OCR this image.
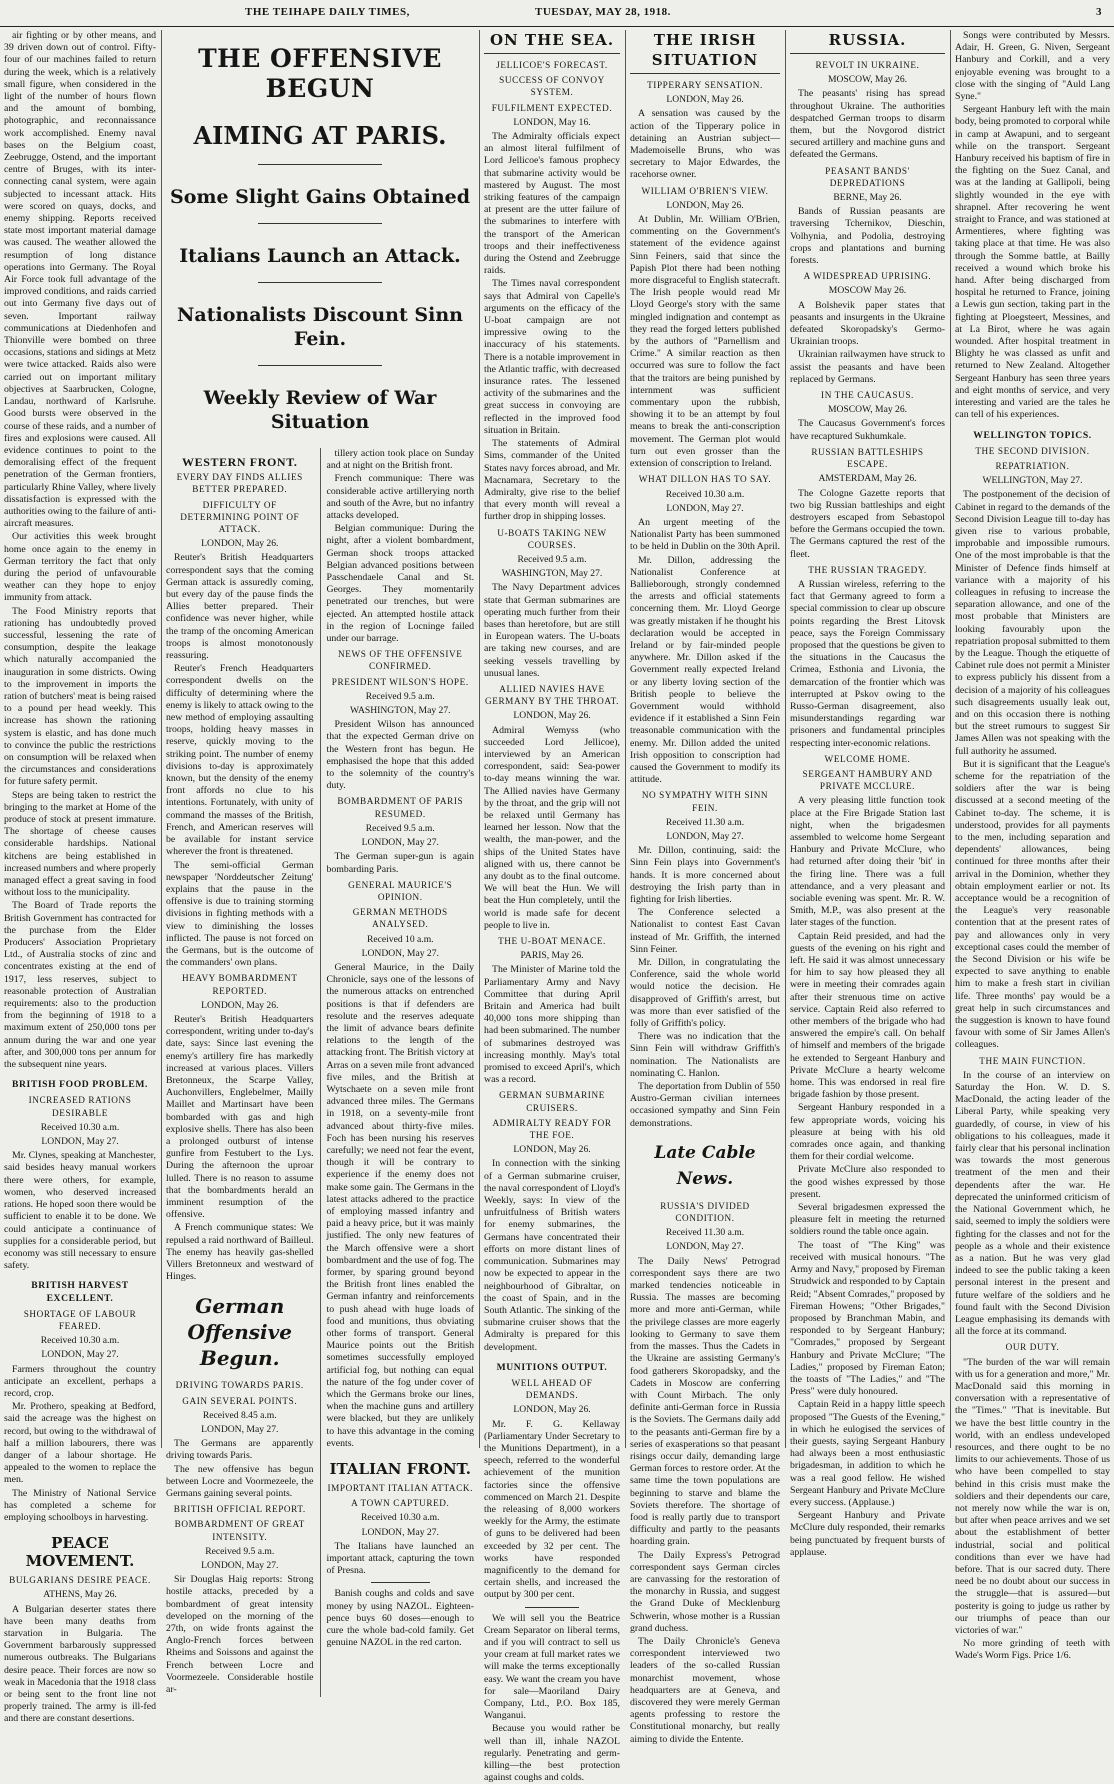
THE TEIHAPE DAILY TIMES,	TUESDAY, MAY 28, 1918.	3

air fighting or by other means, and 39 driven down out of control. Fifty-four of our machines failed to return during the week, which is a relatively small figure, when considered in the light of the number of hours flown and the amount of bombing, photographic, and reconnaissance work accomplished. Enemy naval bases on the Belgium coast, Zeebrugge, Ostend, and the important centre of Bruges, with its inter-connecting canal system, were again subjected to incessant attack. Hits were scored on quays, docks, and enemy shipping. Reports received state most important material damage was caused. The weather allowed the resumption of long distance operations into Germany. The Royal Air Force took full advantage of the improved conditions, and raids carried out into Germany five days out of seven. Important railway communications at Diedenhofen and Thionville were bombed on three occasions, stations and sidings at Metz were twice attacked. Raids also were carried out on important military objectives at Saarbrucken, Cologne, Landau, northward of Karlsruhe. Good bursts were observed in the course of these raids, and a number of fires and explosions were caused. All evidence continues to point to the demoralising effect of the frequent penetration of the German frontiers, particularly Rhine Valley, where lively dissatisfaction is expressed with the authorities owing to the failure of anti-aircraft measures.

Our activities this week brought home once again to the enemy in German territory the fact that only during the period of unfavourable weather can they hope to enjoy immunity from attack.

The Food Ministry reports that rationing has undoubtedly proved successful, lessening the rate of consumption, despite the leakage which naturally accompanied the inauguration in some districts. Owing to the improvement in imports the ration of butchers' meat is being raised to a pound per head weekly. This increase has shown the rationing system is elastic, and has done much to convince the public the restrictions on consumption will be relaxed when the circumstances and considerations for future safety permit.

Steps are being taken to restrict the bringing to the market at Home of the produce of stock at present immature. The shortage of cheese causes considerable hardships. National kitchens are being established in increased numbers and where properly managed effect a great saving in food without loss to the municipality.

The Board of Trade reports the British Government has contracted for the purchase from the Elder Producers' Association Proprietary Ltd., of Australia stocks of zinc and concentrates existing at the end of 1917, less reserves, subject to reasonable protection of Australian requirements: also to the production from the beginning of 1918 to a maximum extent of 250,000 tons per annum during the war and one year after, and 300,000 tons per annum for the subsequent nine years.

BRITISH FOOD PROBLEM.
INCREASED RATIONS DESIRABLE
Received 10.30 a.m.
LONDON, May 27.

Mr. Clynes, speaking at Manchester, said besides heavy manual workers there were others, for example, women, who deserved increased rations. He hoped soon there would be sufficient to enable it to be done. We could anticipate a continuance of supplies for a considerable period, but economy was still necessary to ensure safety.

BRITISH HARVEST EXCELLENT.
SHORTAGE OF LABOUR FEARED.
Received 10.30 a.m.
LONDON, May 27.

Farmers throughout the country anticipate an excellent, perhaps a record, crop.

Mr. Prothero, speaking at Bedford, said the acreage was the highest on record, but owing to the withdrawal of half a million labourers, there was danger of a labour shortage. He appealed to the women to replace the men.

The Ministry of National Service has completed a scheme for employing schoolboys in harvesting.

PEACE MOVEMENT.
BULGARIANS DESIRE PEACE.
ATHENS, May 26.

A Bulgarian deserter states there have been many deaths from starvation in Bulgaria. The Government barbarously suppressed numerous outbreaks. The Bulgarians desire peace. Their forces are now so weak in Macedonia that the 1918 class or being sent to the front line not properly trained. The army is ill-fed and there are constant desertions.

THE OFFENSIVE BEGUN
AIMING AT PARIS.
Some Slight Gains Obtained
Italians Launch an Attack.
Nationalists Discount Sinn Fein.
Weekly Review of War Situation
WESTERN FRONT.
EVERY DAY FINDS ALLIES BETTER PREPARED.
DIFFICULTY OF DETERMINING POINT OF ATTACK.
LONDON, May 26.

Reuter's British Headquarters correspondent says that the coming German attack is assuredly coming, but every day of the pause finds the Allies better prepared. Their confidence was never higher, while the tramp of the oncoming American troops is almost monotonously reassuring.

Reuter's French Headquarters correspondent dwells on the difficulty of determining where the enemy is likely to attack owing to the new method of employing assaulting troops, holding heavy masses in reserve, quickly moving to the striking point. The number of enemy divisions to-day is approximately known, but the density of the enemy front affords no clue to his intentions. Fortunately, with unity of command the masses of the British, French, and American reserves will be available for instant service wherever the front is threatened.

The semi-official German newspaper 'Norddeutscher Zeitung' explains that the pause in the offensive is due to training storming divisions in fighting methods with a view to diminishing the losses inflicted. The pause is not forced on the Germans, but is the outcome of the commanders' own plans.

HEAVY BOMBARDMENT REPORTED.
LONDON, May 26.

Reuter's British Headquarters correspondent, writing under to-day's date, says: Since last evening the enemy's artillery fire has markedly increased at various places. Villers Bretonneux, the Scarpe Valley, Auchonvillers, Englebelmer, Mailly Maillet and Martinsart have been bombarded with gas and high explosive shells. There has also been a prolonged outburst of intense gunfire from Festubert to the Lys. During the afternoon the uproar lulled. There is no reason to assume that the bombardments herald an imminent resumption of the offensive.

A French communique states: We repulsed a raid northward of Bailleul. The enemy has heavily gas-shelled Villers Bretonneux and westward of Hinges.

German Offensive Begun.
DRIVING TOWARDS PARIS.
GAIN SEVERAL POINTS.
Received 8.45 a.m.
LONDON, May 27.

The Germans are apparently driving towards Paris.

The new offensive has begun between Locre and Voormezeele, the Germans gaining several points.

BRITISH OFFICIAL REPORT.
BOMBARDMENT OF GREAT INTENSITY.
Received 9.5 a.m.
LONDON, May 27.

Sir Douglas Haig reports: Strong hostile attacks, preceded by a bombardment of great intensity developed on the morning of the 27th, on wide fronts against the Anglo-French forces between Rheims and Soissons and against the French between Locre and Voormezeele. Considerable hostile ar-

tillery action took place on Sunday and at night on the British front.

French communique: There was considerable active artillerying north and south of the Avre, but no infantry attacks developed.

Belgian communique: During the night, after a violent bombardment, German shock troops attacked Belgian advanced positions between Passchendaele Canal and St. Georges. They momentarily penetrated our trenches, but were ejected. An attempted hostile attack in the region of Locninge failed under our barrage.

NEWS OF THE OFFENSIVE CONFIRMED.
PRESIDENT WILSON'S HOPE.
Received 9.5 a.m.
WASHINGTON, May 27.

President Wilson has announced that the expected German drive on the Western front has begun. He emphasised the hope that this added to the solemnity of the country's duty.

BOMBARDMENT OF PARIS RESUMED.
Received 9.5 a.m.
LONDON, May 27.

The German super-gun is again bombarding Paris.

GENERAL MAURICE'S OPINION.
GERMAN METHODS ANALYSED.
Received 10 a.m.
LONDON, May 27.

General Maurice, in the Daily Chronicle, says one of the lessons of the numerous attacks on entrenched positions is that if defenders are resolute and the reserves adequate the limit of advance bears definite relations to the length of the attacking front. The British victory at Arras on a seven mile front advanced five miles, and the British at Wytschaete on a seven mile front advanced three miles. The Germans in 1918, on a seventy-mile front advanced about thirty-five miles. Foch has been nursing his reserves carefully; we need not fear the event, though it will be contrary to experience if the enemy does not make some gain. The Germans in the latest attacks adhered to the practice of employing massed infantry and paid a heavy price, but it was mainly justified. The only new features of the March offensive were a short bombardment and the use of fog. The former, by sparing ground beyond the British front lines enabled the German infantry and reinforcements to push ahead with huge loads of food and munitions, thus obviating other forms of transport. General Maurice points out the British sometimes successfully employed artificial fog, but nothing can equal the nature of the fog under cover of which the Germans broke our lines, when the machine guns and artillery were blacked, but they are unlikely to have this advantage in the coming events.

ITALIAN FRONT.
IMPORTANT ITALIAN ATTACK.
A TOWN CAPTURED.
Received 10.30 a.m.
LONDON, May 27.

The Italians have launched an important attack, capturing the town of Presna.

Banish coughs and colds and save money by using NAZOL. Eighteen-pence buys 60 doses—enough to cure the whole bad-cold family. Get genuine NAZOL in the red carton.

ON THE SEA.
JELLICOE'S FORECAST.
SUCCESS OF CONVOY SYSTEM.
FULFILMENT EXPECTED.
LONDON, May 16.

The Admiralty officials expect an almost literal fulfilment of Lord Jellicoe's famous prophecy that submarine activity would be mastered by August. The most striking features of the campaign at present are the utter failure of the submarines to interfere with the transport of the American troops and their ineffectiveness during the Ostend and Zeebrugge raids.

The Times naval correspondent says that Admiral von Capelle's arguments on the efficacy of the U-boat campaign are not impressive owing to the inaccuracy of his statements. There is a notable improvement in the Atlantic traffic, with decreased insurance rates. The lessened activity of the submarines and the great success in convoying are reflected in the improved food situation in Britain.

The statements of Admiral Sims, commander of the United States navy forces abroad, and Mr. Macnamara, Secretary to the Admiralty, give rise to the belief that every month will reveal a further drop in shipping losses.

U-BOATS TAKING NEW COURSES.
Received 9.5 a.m.
WASHINGTON, May 27.

The Navy Department advices state that German submarines are operating much further from their bases than heretofore, but are still in European waters. The U-boats are taking new courses, and are seeking vessels travelling by unusual lanes.

ALLIED NAVIES HAVE GERMANY BY THE THROAT.
LONDON, May 26.

Admiral Wemyss (who succeeded Lord Jellicoe), interviewed by an American correspondent, said: Sea-power to-day means winning the war. The Allied navies have Germany by the throat, and the grip will not be relaxed until Germany has learned her lesson. Now that the wealth, the man-power, and the ships of the United States have aligned with us, there cannot be any doubt as to the final outcome. We will beat the Hun. We will beat the Hun completely, until the world is made safe for decent people to live in.

THE U-BOAT MENACE.
PARIS, May 26.

The Minister of Marine told the Parliamentary Army and Navy Committee that during April Britain and America had built 40,000 tons more shipping than had been submarined. The number of submarines destroyed was increasing monthly. May's total promised to exceed April's, which was a record.

GERMAN SUBMARINE CRUISERS.
ADMIRALTY READY FOR THE FOE.
LONDON, May 26.

In connection with the sinking of a German submarine cruiser, the naval correspondent of Lloyd's Weekly, says: In view of the unfruitfulness of British waters for enemy submarines, the Germans have concentrated their efforts on more distant lines of communication. Submarines may now be expected to appear in the neighbourhood of Gibraltar, on the coast of Spain, and in the South Atlantic. The sinking of the submarine cruiser shows that the Admiralty is prepared for this development.

MUNITIONS OUTPUT.
WELL AHEAD OF DEMANDS.
LONDON, May 26.

Mr. F. G. Kellaway (Parliamentary Under Secretary to the Munitions Department), in a speech, referred to the wonderful achievement of the munition factories since the offensive commenced on March 21. Despite the releasing of 8,000 workers weekly for the Army, the estimate of guns to be delivered had been exceeded by 32 per cent. The works have responded magnificently to the demand for certain shells, and increased the output by 300 per cent.

We will sell you the Beatrice Cream Separator on liberal terms, and if you will contract to sell us your cream at full market rates we will make the terms exceptionally easy. We want the cream you have for sale—Maoriland Dairy Company, Ltd., P.O. Box 185, Wanganui.

Because you would rather be well than ill, inhale NAZOL regularly. Penetrating and germ-killing—the best protection against coughs and colds.

THE IRISH SITUATION
TIPPERARY SENSATION.
LONDON, May 26.

A sensation was caused by the action of the Tipperary police in detaining an Austrian subject—Mademoiselle Bruns, who was secretary to Major Edwardes, the racehorse owner.

WILLIAM O'BRIEN'S VIEW.
LONDON, May 26.

At Dublin, Mr. William O'Brien, commenting on the Government's statement of the evidence against Sinn Feiners, said that since the Papish Plot there had been nothing more disgraceful to English statecraft. The Irish people would read Mr Lloyd George's story with the same mingled indignation and contempt as they read the forged letters published by the authors of "Parnellism and Crime." A similar reaction as then occurred was sure to follow the fact that the traitors are being punished by internment was sufficient commentary upon the rubbish, showing it to be an attempt by foul means to break the anti-conscription movement. The German plot would turn out even grosser than the extension of conscription to Ireland.

WHAT DILLON HAS TO SAY.
Received 10.30 a.m.
LONDON, May 27.

An urgent meeting of the Nationalist Party has been summoned to be held in Dublin on the 30th April.

Mr. Dillon, addressing the Nationalist Conference at Ballieborough, strongly condemned the arrests and official statements concerning them. Mr. Lloyd George was greatly mistaken if he thought his declaration would be accepted in Ireland or by fair-minded people anywhere. Mr. Dillon asked if the Government really expected Ireland or any liberty loving section of the British people to believe the Government would withhold evidence if it established a Sinn Fein treasonable communication with the enemy. Mr. Dillon added the united Irish opposition to conscription had caused the Government to modify its attitude.

NO SYMPATHY WITH SINN FEIN.
Received 11.30 a.m.
LONDON, May 27.

Mr. Dillon, continuing, said: the Sinn Fein plays into Government's hands. It is more concerned about destroying the Irish party than in fighting for Irish liberties.

The Conference selected a Nationalist to contest East Cavan instead of Mr. Griffith, the interned Sinn Feiner.

Mr. Dillon, in congratulating the Conference, said the whole world would notice the decision. He disapproved of Griffith's arrest, but was more than ever satisfied of the folly of Griffith's policy.

There was no indication that the Sinn Fein will withdraw Griffith's nomination. The Nationalists are nominating C. Hanlon.

The deportation from Dublin of 550 Austro-German civilian internees occasioned sympathy and Sinn Fein demonstrations.

Late Cable News.
RUSSIA'S DIVIDED CONDITION.
Received 11.30 a.m.
LONDON, May 27.

The Daily News' Petrograd correspondent says there are two marked tendencies noticeable in Russia. The masses are becoming more and more anti-German, while the privilege classes are more eagerly looking to Germany to save them from the masses. Thus the Cadets in the Ukraine are assisting Germany's food gatherers Skoropadsky, and the Cadets in Moscow are conferring with Count Mirbach. The only definite anti-German force in Russia is the Soviets. The Germans daily add to the peasants anti-German fire by a series of exasperations so that peasant risings occur daily, demanding large German forces to restore order. At the same time the town populations are beginning to starve and blame the Soviets therefore. The shortage of food is really partly due to transport difficulty and partly to the peasants hoarding grain.

The Daily Express's Petrograd correspondent says German circles are canvassing for the restoration of the monarchy in Russia, and suggest the Grand Duke of Mecklenburg Schwerin, whose mother is a Russian grand duchess.

The Daily Chronicle's Geneva correspondent interviewed two leaders of the so-called Russian monarchist movement, whose headquarters are at Geneva, and discovered they were merely German agents professing to restore the Constitutional monarchy, but really aiming to divide the Entente.

RUSSIA.
REVOLT IN UKRAINE.
MOSCOW, May 26.

The peasants' rising has spread throughout Ukraine. The authorities despatched German troops to disarm them, but the Novgorod district secured artillery and machine guns and defeated the Germans.

PEASANT BANDS' DEPREDATIONS
BERNE, May 26.

Bands of Russian peasants are traversing Tchernikov, Dieschin, Volhynia, and Podolia, destroying crops and plantations and burning forests.

A WIDESPREAD UPRISING.
MOSCOW May 26.

A Bolshevik paper states that peasants and insurgents in the Ukraine defeated Skoropadsky's Germo-Ukrainian troops.

Ukrainian railwaymen have struck to assist the peasants and have been replaced by Germans.

IN THE CAUCASUS.
MOSCOW, May 26.

The Caucasus Government's forces have recaptured Sukhumkale.

RUSSIAN BATTLESHIPS ESCAPE.
AMSTERDAM, May 26.

The Cologne Gazette reports that two big Russian battleships and eight destroyers escaped from Sebastopol before the Germans occupied the town. The Germans captured the rest of the fleet.

THE RUSSIAN TRAGEDY.

A Russian wireless, referring to the fact that Germany agreed to form a special commission to clear up obscure points regarding the Brest Litovsk peace, says the Foreign Commissary proposed that the questions be given to the situations in the Caucasus the Crimea, Esthonia and Livonia, the demarcation of the frontier which was interrupted at Pskov owing to the Russo-German disagreement, also misunderstandings regarding war prisoners and fundamental principles respecting inter-economic relations.

WELCOME HOME.
SERGEANT HAMBURY AND PRIVATE MCCLURE.

A very pleasing little function took place at the Fire Brigade Station last night, when the brigadesmen assembled to welcome home Sergeant Hanbury and Private McClure, who had returned after doing their 'bit' in the firing line. There was a full attendance, and a very pleasant and sociable evening was spent. Mr. R. W. Smith, M.P., was also present at the later stages of the function.

Captain Reid presided, and had the guests of the evening on his right and left. He said it was almost unnecessary for him to say how pleased they all were in meeting their comrades again after their strenuous time on active service. Captain Reid also referred to other members of the brigade who had answered the empire's call. On behalf of himself and members of the brigade he extended to Sergeant Hanbury and Private McClure a hearty welcome home. This was endorsed in real fire brigade fashion by those present.

Sergeant Hanbury responded in a few appropriate words, voicing his pleasure at being with his old comrades once again, and thanking them for their cordial welcome.

Private McClure also responded to the good wishes expressed by those present.

Several brigadesmen expressed the pleasure felt in meeting the returned soldiers round the table once again.

The toast of "The King" was received with musical honours. "The Army and Navy," proposed by Fireman Strudwick and responded to by Captain Reid; "Absent Comrades," proposed by Fireman Howens; "Other Brigades," proposed by Branchman Mabin, and responded to by Sergeant Hanbury; "Comrades," proposed by Sergeant Hanbury and Private McClure; "The Ladies," proposed by Fireman Eaton; the toasts of "The Ladies," and "The Press" were duly honoured.

Captain Reid in a happy little speech proposed "The Guests of the Evening," in which he eulogised the services of their guests, saying Sergeant Hanbury had always been a most enthusiastic brigadesman, in addition to which he was a real good fellow. He wished Sergeant Hanbury and Private McClure every success. (Applause.)

Sergeant Hanbury and Private McClure duly responded, their remarks being punctuated by frequent bursts of applause.

Songs were contributed by Messrs. Adair, H. Green, G. Niven, Sergeant Hanbury and Corkill, and a very enjoyable evening was brought to a close with the singing of "Auld Lang Syne."

Sergeant Hanbury left with the main body, being promoted to corporal while in camp at Awapuni, and to sergeant while on the transport. Sergeant Hanbury received his baptism of fire in the fighting on the Suez Canal, and was at the landing at Gallipoli, being slightly wounded in the eye with shrapnel. After recovering he went straight to France, and was stationed at Armentieres, where fighting was taking place at that time. He was also through the Somme battle, at Bailly received a wound which broke his hand. After being discharged from hospital he returned to France, joining a Lewis gun section, taking part in the fighting at Ploegsteert, Messines, and at La Birot, where he was again wounded. After hospital treatment in Blighty he was classed as unfit and returned to New Zealand. Altogether Sergeant Hanbury has seen three years and eight months of service, and very interesting and varied are the tales he can tell of his experiences.

WELLINGTON TOPICS.
THE SECOND DIVISION.
REPATRIATION.
WELLINGTON, May 27.

The postponement of the decision of Cabinet in regard to the demands of the Second Division League till to-day has given rise to various probable, improbable and impossible rumours. One of the most improbable is that the Minister of Defence finds himself at variance with a majority of his colleagues in refusing to increase the separation allowance, and one of the most probable that Ministers are looking favourably upon the repatriation proposal submitted to them by the League. Though the etiquette of Cabinet rule does not permit a Minister to express publicly his dissent from a decision of a majority of his colleagues such disagreements usually leak out, and on this occasion there is nothing but the street rumours to suggest Sir James Allen was not speaking with the full authority he assumed.

But it is significant that the League's scheme for the repatriation of the soldiers after the war is being discussed at a second meeting of the Cabinet to-day. The scheme, it is understood, provides for all payments to the men, including separation and dependents' allowances, being continued for three months after their arrival in the Dominion, whether they obtain employment earlier or not. Its acceptance would be a recognition of the League's very reasonable contention that at the present rates of pay and allowances only in very exceptional cases could the member of the Second Division or his wife be expected to save anything to enable him to make a fresh start in civilian life. Three months' pay would be a great help in such circumstances and the suggestion is known to have found favour with some of Sir James Allen's colleagues.

THE MAIN FUNCTION.

In the course of an interview on Saturday the Hon. W. D. S. MacDonald, the acting leader of the Liberal Party, while speaking very guardedly, of course, in view of his obligations to his colleagues, made it fairly clear that his personal inclination was towards the most generous treatment of the men and their dependents after the war. He deprecated the uninformed criticism of the National Government which, he said, seemed to imply the soldiers were fighting for the classes and not for the people as a whole and their existence as a nation. But he was very glad indeed to see the public taking a keen personal interest in the present and future welfare of the soldiers and he found fault with the Second Division League emphasising its demands with all the force at its command.

OUR DUTY.

"The burden of the war will remain with us for a generation and more," Mr. MacDonald said this morning in conversation with a representative of the "Times." "That is inevitable. But we have the best little country in the world, with an endless undeveloped resources, and there ought to be no limits to our achievements. Those of us who have been compelled to stay behind in this crisis must make the soldiers and their dependents our care, not merely now while the war is on, but after when peace arrives and we set about the establishment of better industrial, social and political conditions than ever we have had before. That is our sacred duty. There need be no doubt about our success in the struggle—that is assured—but posterity is going to judge us rather by our triumphs of peace than our victories of war."

No more grinding of teeth with Wade's Worm Figs. Price 1/6.
